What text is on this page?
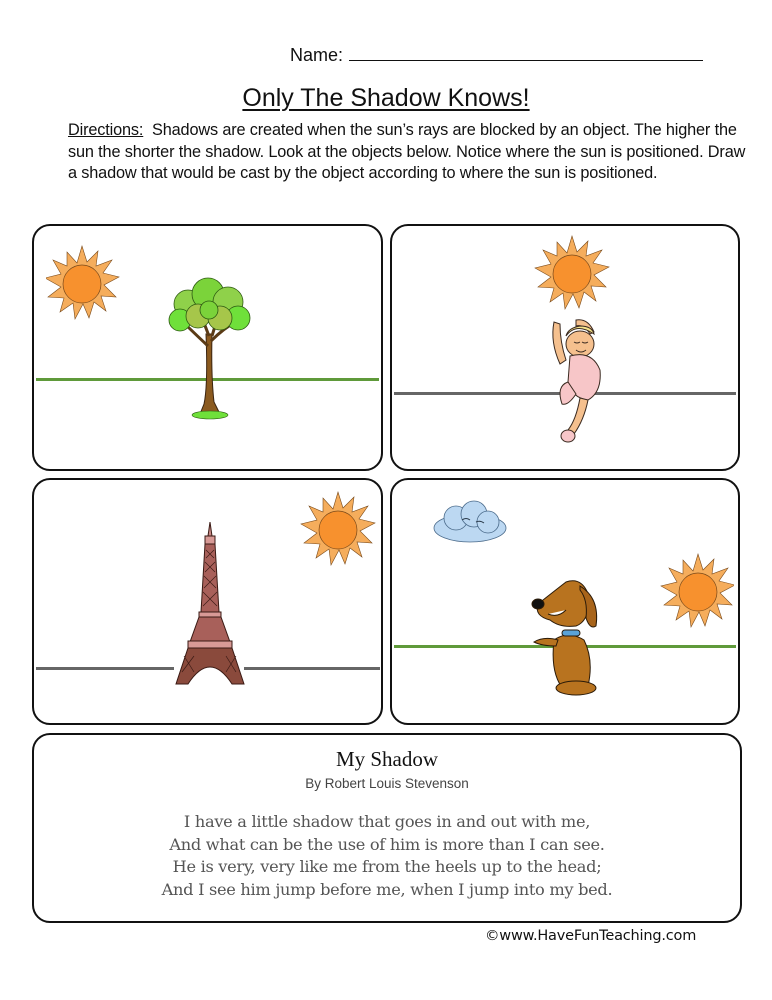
Name:
Only The Shadow Knows!
Directions: Shadows are created when the sun’s rays are blocked by an object. The higher the sun the shorter the shadow. Look at the objects below. Notice where the sun is positioned. Draw a shadow that would be cast by the object according to where the sun is positioned.
My Shadow
By Robert Louis Stevenson
I have a little shadow that goes in and out with me,
And what can be the use of him is more than I can see.
He is very, very like me from the heels up to the head;
And I see him jump before me, when I jump into my bed.
©www.HaveFunTeaching.com
